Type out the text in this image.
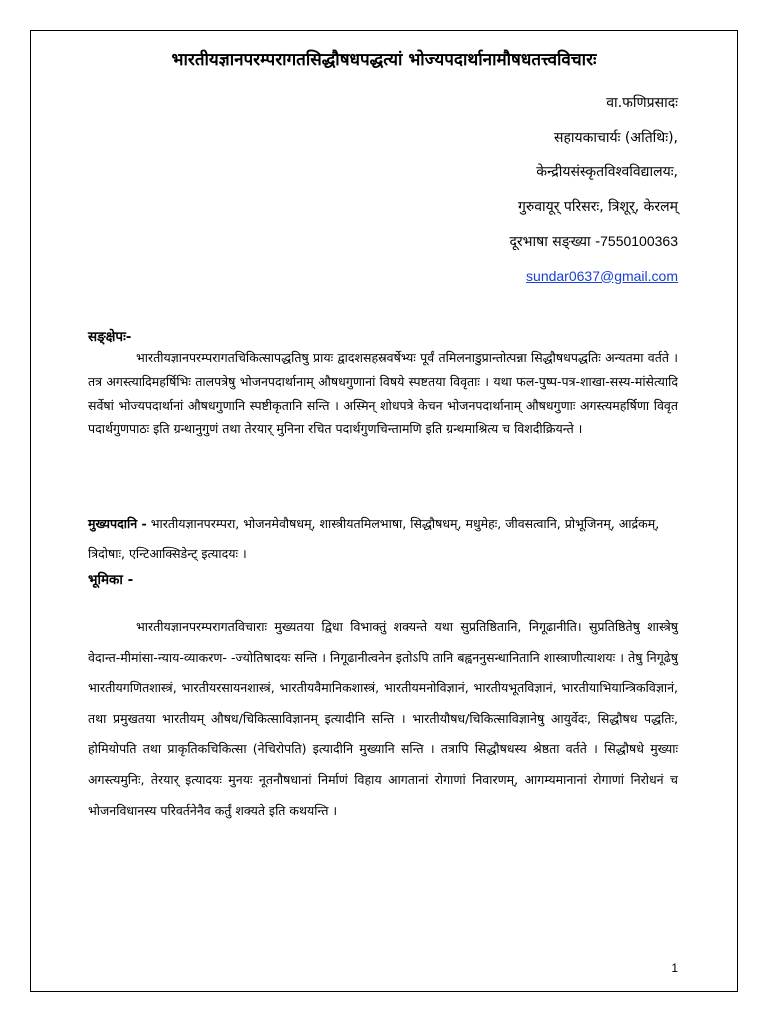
भारतीयज्ञानपरम्परागतसिद्धौषधपद्धत्यां भोज्यपदार्थानामौषधतत्त्वविचारः
वा.फणिप्रसादः
सहायकाचार्यः (अतिथिः),
केन्द्रीयसंस्कृतविश्वविद्यालयः,
गुरुवायूर् परिसरः, त्रिशूर्, केरलम्
दूरभाषा सङ्ख्या -7550100363
sundar0637@gmail.com
सङ्क्षेपः-

भारतीयज्ञानपरम्परागतचिकित्सापद्धतिषु प्रायः द्वादशसहस्रवर्षेभ्यः पूर्वं तमिलनाडुप्रान्तोत्पन्ना सिद्धौषधपद्धतिः अन्यतमा वर्तते । तत्र अगस्त्यादिमहर्षिभिः तालपत्रेषु भोजनपदार्थानाम् औषधगुणानां विषये स्पष्टतया विवृताः । यथा फल-पुष्प-पत्र-शाखा-सस्य-मांसेत्यादि सर्वेषां भोज्यपदार्थानां औषधगुणानि स्पष्टीकृतानि सन्ति । अस्मिन् शोधपत्रे केचन भोजनपदार्थानाम् औषधगुणाः अगस्त्यमहर्षिणा विवृत पदार्थगुणपाठः इति ग्रन्थानुगुणं तथा तेरयार् मुनिना रचित पदार्थगुणचिन्तामणि इति ग्रन्थमाश्रित्य च विशदीक्रियन्ते ।

मुख्यपदानि - भारतीयज्ञानपरम्परा, भोजनमेवौषधम्, शास्त्रीयतमिलभाषा, सिद्धौषधम्, मधुमेहः, जीवसत्वानि, प्रोभूजिनम्, आर्द्रकम्, त्रिदोषाः, एन्टिआक्सिडेन्ट् इत्यादयः ।
भूमिका -

भारतीयज्ञानपरम्परागतविचाराः मुख्यतया द्विधा विभाक्तुं शक्यन्ते यथा सुप्रतिष्ठितानि, निगूढानीति। सुप्रतिष्ठितेषु शास्त्रेषु वेदान्त-मीमांसा-न्याय-व्याकरण- -ज्योतिषादयः सन्ति । निगूढानीत्वनेन इतोऽपि तानि बह्वननुसन्धानितानि शास्त्राणीत्याशयः । तेषु निगूढेषु भारतीयगणितशास्त्रं, भारतीयरसायनशास्त्रं, भारतीयवैमानिकशास्त्रं, भारतीयमनोविज्ञानं, भारतीयभूतविज्ञानं, भारतीयाभियान्त्रिकविज्ञानं, तथा प्रमुखतया भारतीयम् औषध/चिकित्साविज्ञानम् इत्यादीनि सन्ति । भारतीयौषध/चिकित्साविज्ञानेषु आयुर्वेदः, सिद्धौषध पद्धतिः, होमियोपति तथा प्राकृतिकचिकित्सा (नेचिरोपति) इत्यादीनि मुख्यानि सन्ति । तत्रापि सिद्धौषधस्य श्रेष्ठता वर्तते । सिद्धौषधे मुख्याः अगस्त्यमुनिः, तेरयार् इत्यादयः मुनयः नूतनौषधानां निर्माणं विहाय आगतानां रोगाणां निवारणम्, आगम्यमानानां रोगाणां निरोधनं च भोजनविधानस्य परिवर्तनेनैव कर्तुं शक्यते इति कथयन्ति ।

1
